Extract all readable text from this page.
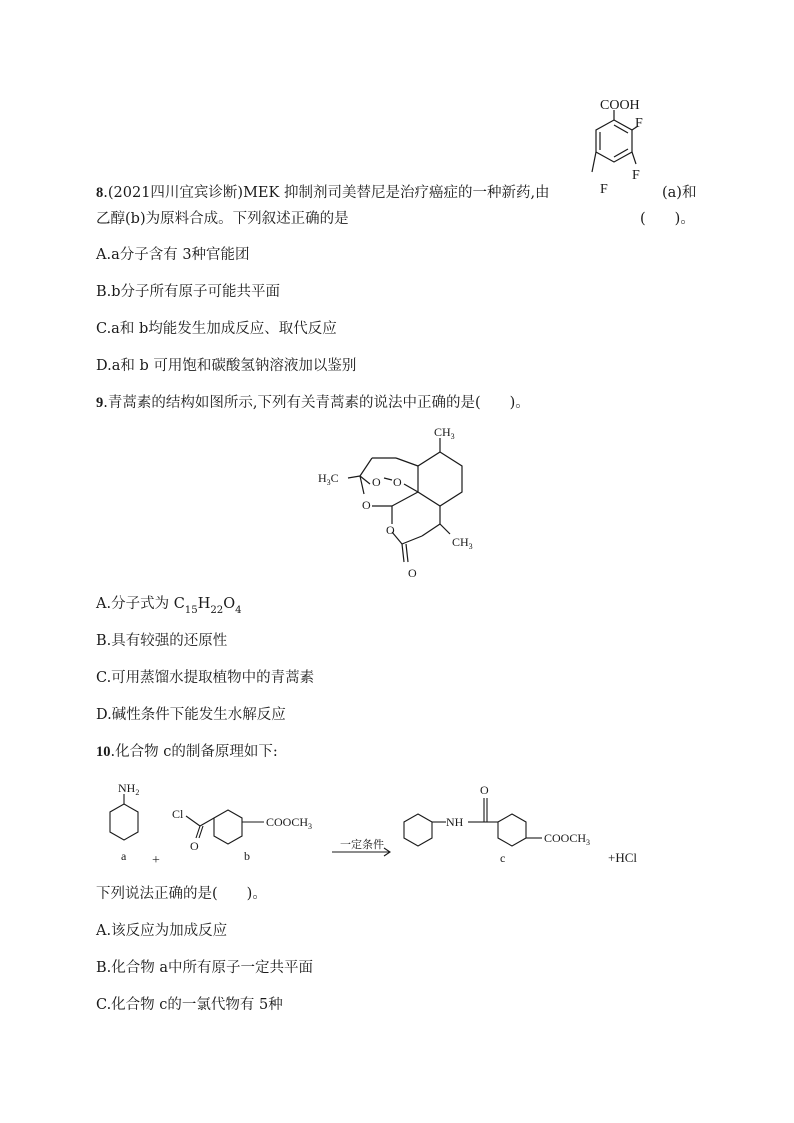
COOH
F
F
F
8.(2021四川宜宾诊断)MEK 抑制剂司美替尼是治疗癌症的一种新药,由	(a)和
乙醇(b)为原料合成。下列叙述正确的是	(　　)。
A.a分子含有 3种官能团
B.b分子所有原子可能共平面
C.a和 b均能发生加成反应、取代反应
D.a和 b 可用饱和碳酸氢钠溶液加以鉴别
9.青蒿素的结构如图所示,下列有关青蒿素的说法中正确的是(　　)。
$CH_3$
$H_3C$
$CH_3$
O O
O
O
O
A.分子式为 $C_{15}H_{22}O_4$
B.具有较强的还原性
C.可用蒸馏水提取植物中的青蒿素
D.碱性条件下能发生水解反应
10.化合物 c的制备原理如下:
$NH_2$
Cl
O
$COOCH_3$
a +	b
一定条件
O
NH
$COOCH_3$
c	+HCl
下列说法正确的是(　　)。
A.该反应为加成反应
B.化合物 a中所有原子一定共平面
C.化合物 c的一氯代物有 5种
